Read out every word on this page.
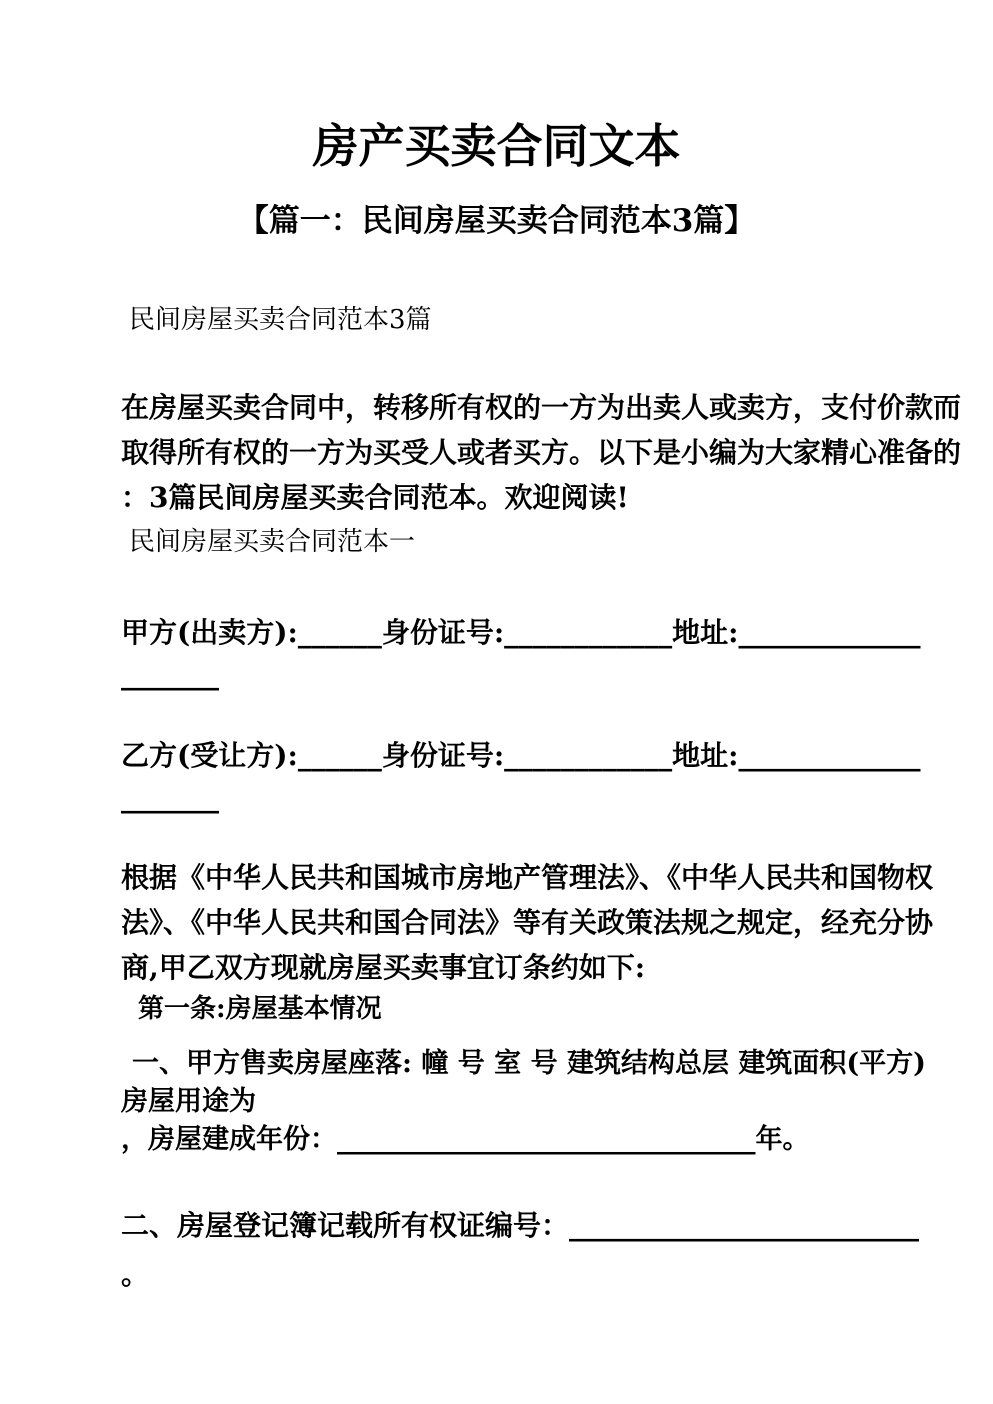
房产买卖合同文本
【篇一：民间房屋买卖合同范本3篇】
民间房屋买卖合同范本3篇
在房屋买卖合同中，转移所有权的一方为出卖人或卖方，支付价款而
取得所有权的一方为买受人或者买方。以下是小编为大家精心准备的
：3篇民间房屋买卖合同范本。欢迎阅读!
民间房屋买卖合同范本一
甲方(出卖方):______身份证号:____________地址:_____________
_______
乙方(受让方):______身份证号:____________地址:_____________
_______
根据《中华人民共和国城市房地产管理法》、《中华人民共和国物权
法》、《中华人民共和国合同法》等有关政策法规之规定，经充分协
商,甲乙双方现就房屋买卖事宜订条约如下:
第一条:房屋基本情况
一、甲方售卖房屋座落: 幢 号 室 号 建筑结构总层 建筑面积(平方)
房屋用途为
，房屋建成年份：_______________________________年。
二、房屋登记簿记载所有权证编号：_________________________
。
